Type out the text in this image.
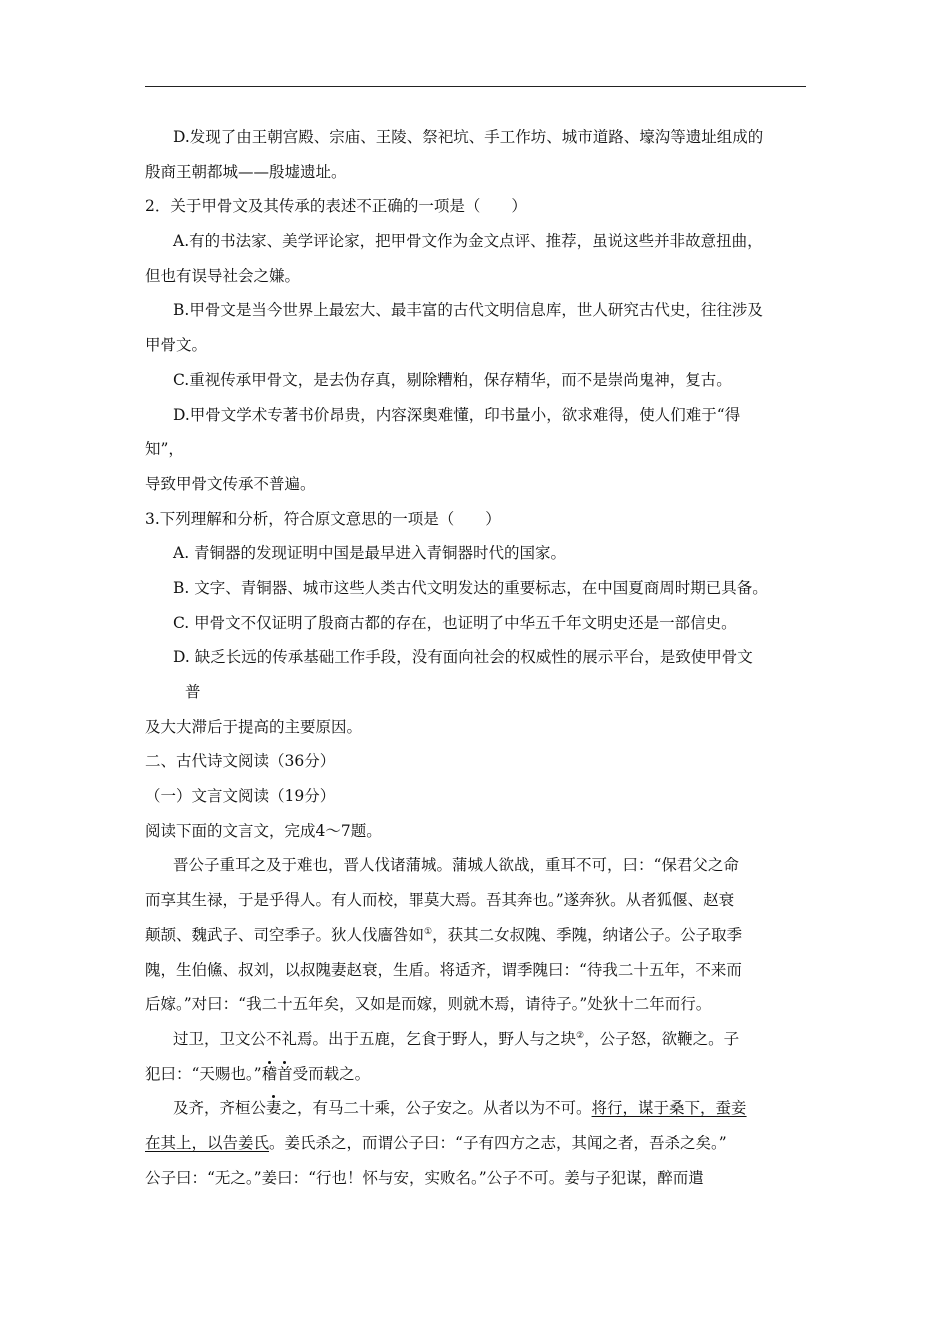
D.发现了由王朝宫殿、宗庙、王陵、祭祀坑、手工作坊、城市道路、壕沟等遗址组成的
殷商王朝都城——殷墟遗址。
2．关于甲骨文及其传承的表述不正确的一项是（　　）
A.有的书法家、美学评论家，把甲骨文作为金文点评、推荐，虽说这些并非故意扭曲，
但也有误导社会之嫌。
B.甲骨文是当今世界上最宏大、最丰富的古代文明信息库，世人研究古代史，往往涉及
甲骨文。
C.重视传承甲骨文，是去伪存真，剔除糟粕，保存精华，而不是崇尚鬼神，复古。
D.甲骨文学术专著书价昂贵，内容深奥难懂，印书量小，欲求难得，使人们难于“得
知”，
导致甲骨文传承不普遍。
3.下列理解和分析，符合原文意思的一项是（　　）
A. 青铜器的发现证明中国是最早进入青铜器时代的国家。
B. 文字、青铜器、城市这些人类古代文明发达的重要标志，在中国夏商周时期已具备。
C. 甲骨文不仅证明了殷商古都的存在，也证明了中华五千年文明史还是一部信史。
D. 缺乏长远的传承基础工作手段，没有面向社会的权威性的展示平台，是致使甲骨文
普
及大大滞后于提高的主要原因。
二、古代诗文阅读（36分）
（一）文言文阅读（19分）
阅读下面的文言文，完成4～7题。
晋公子重耳之及于难也，晋人伐诸蒲城。蒲城人欲战，重耳不可，曰：“保君父之命
而享其生禄，于是乎得人。有人而校，罪莫大焉。吾其奔也。”遂奔狄。从者狐偃、赵衰
颠颉、魏武子、司空季子。狄人伐廧咎如①，获其二女叔隗、季隗，纳诸公子。公子取季
隗，生伯鯈、叔刘，以叔隗妻赵衰，生盾。将适齐，谓季隗曰：“待我二十五年，不来而
后嫁。”对曰：“我二十五年矣，又如是而嫁，则就木焉，请待子。”处狄十二年而行。
过卫，卫文公不礼焉。出于五鹿，乞食于野人，野人与之块②，公子怒，欲鞭之。子
犯曰：“天赐也。”稽首受而载之。
及齐，齐桓公妻之，有马二十乘，公子安之。从者以为不可。将行，谋于桑下，蚕妾
在其上，以告姜氏。姜氏杀之，而谓公子曰：“子有四方之志，其闻之者，吾杀之矣。”
公子曰：“无之。”姜曰：“行也！怀与安，实败名。”公子不可。姜与子犯谋，醉而遣
